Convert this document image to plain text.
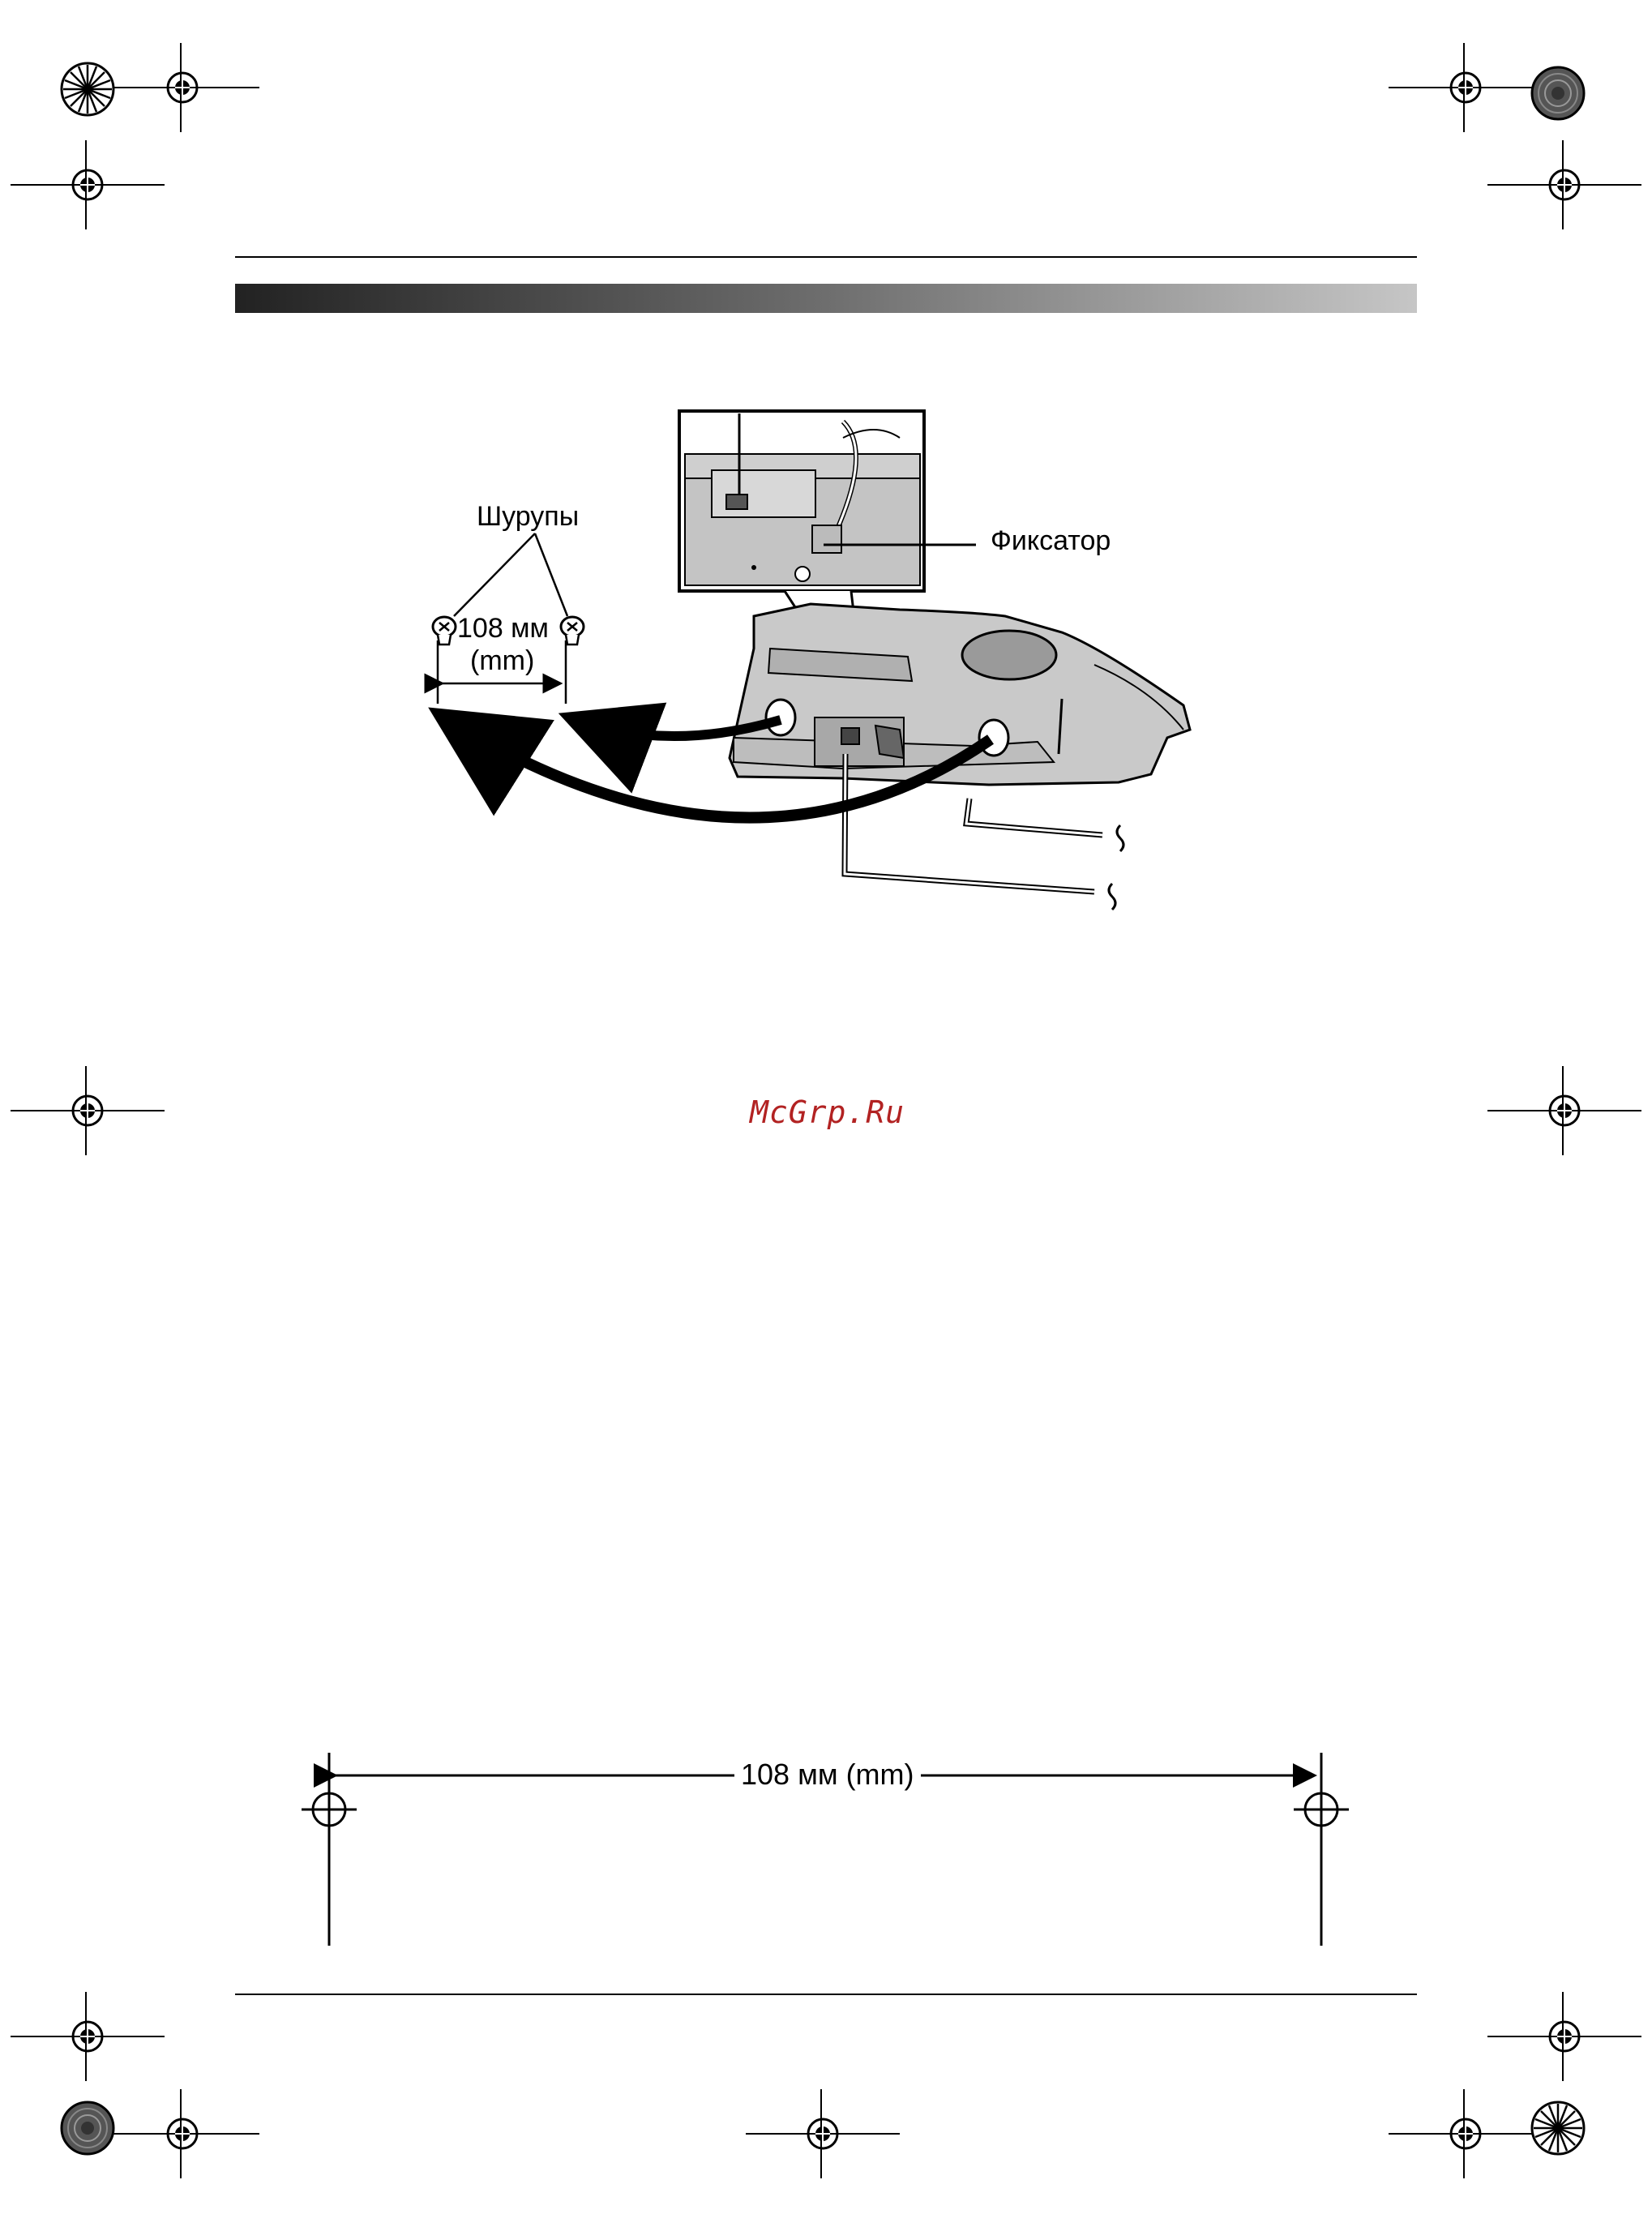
Шурупы
Фиксатор
108 мм
(mm)
McGrp.Ru
108 мм (mm)
